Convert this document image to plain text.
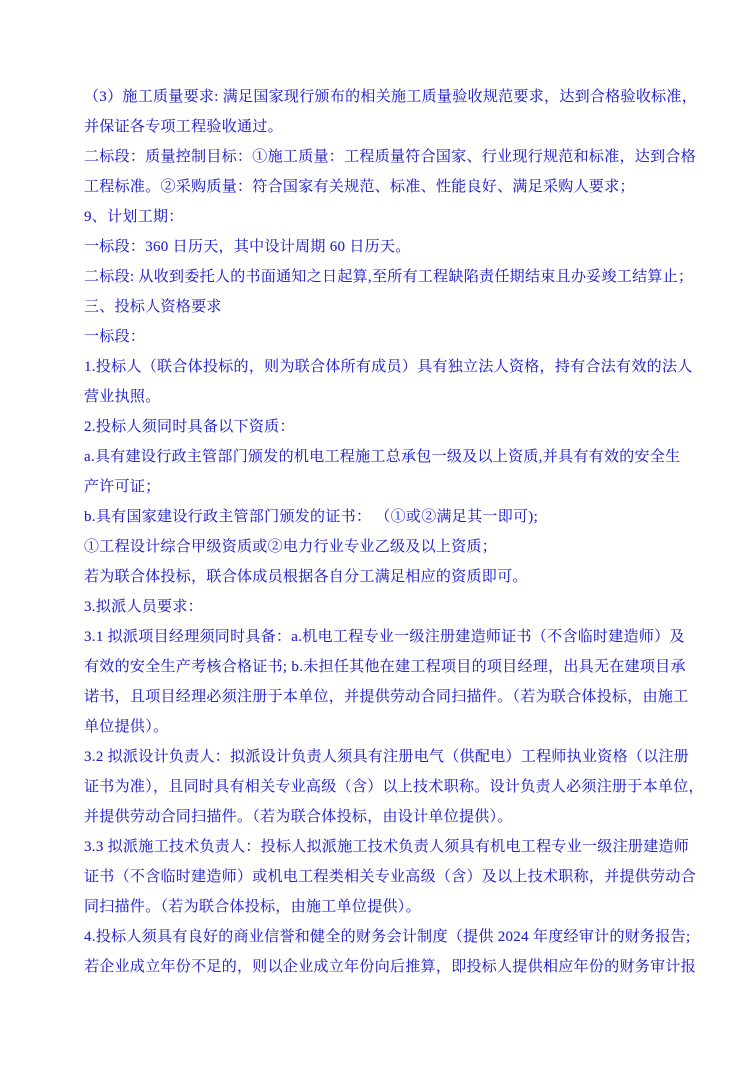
（3）施工质量要求: 满足国家现行颁布的相关施工质量验收规范要求，达到合格验收标准，
并保证各专项工程验收通过。
二标段：质量控制目标：①施工质量：工程质量符合国家、行业现行规范和标准，达到合格
工程标准。②采购质量：符合国家有关规范、标准、性能良好、满足采购人要求；
9、计划工期：
一标段：360 日历天，其中设计周期 60 日历天。
二标段: 从收到委托人的书面通知之日起算,至所有工程缺陷责任期结束且办妥竣工结算止；
三、投标人资格要求
一标段：
1.投标人（联合体投标的，则为联合体所有成员）具有独立法人资格，持有合法有效的法人
营业执照。
2.投标人须同时具备以下资质：
a.具有建设行政主管部门颁发的机电工程施工总承包一级及以上资质,并具有有效的安全生
产许可证；
b.具有国家建设行政主管部门颁发的证书： （①或②满足其一即可);
①工程设计综合甲级资质或②电力行业专业乙级及以上资质；
若为联合体投标，联合体成员根据各自分工满足相应的资质即可。
3.拟派人员要求：
3.1 拟派项目经理须同时具备：a.机电工程专业一级注册建造师证书（不含临时建造师）及
有效的安全生产考核合格证书; b.未担任其他在建工程项目的项目经理，出具无在建项目承
诺书，且项目经理必须注册于本单位，并提供劳动合同扫描件。（若为联合体投标，由施工
单位提供）。
3.2 拟派设计负责人：拟派设计负责人须具有注册电气（供配电）工程师执业资格（以注册
证书为准），且同时具有相关专业高级（含）以上技术职称。设计负责人必须注册于本单位，
并提供劳动合同扫描件。（若为联合体投标，由设计单位提供）。
3.3 拟派施工技术负责人：投标人拟派施工技术负责人须具有机电工程专业一级注册建造师
证书（不含临时建造师）或机电工程类相关专业高级（含）及以上技术职称，并提供劳动合
同扫描件。（若为联合体投标，由施工单位提供）。
4.投标人须具有良好的商业信誉和健全的财务会计制度（提供 2024 年度经审计的财务报告;
若企业成立年份不足的，则以企业成立年份向后推算，即投标人提供相应年份的财务审计报
